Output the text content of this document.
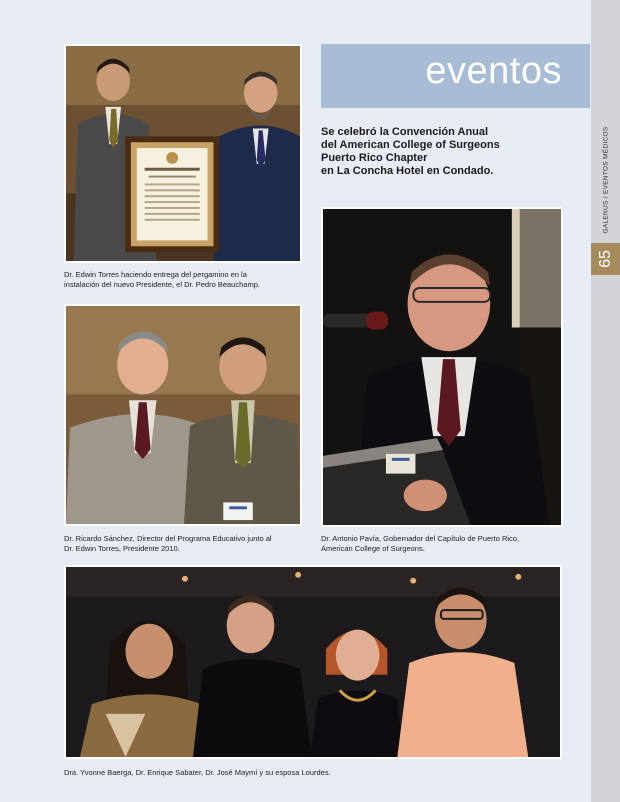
GALENUS / EVENTOS MÉDICOS
65
eventos
Se celebró la Convención Anual
del American College of Surgeons
Puerto Rico Chapter
en La Concha Hotel en Condado.
Dr. Edwin Torres haciendo entrega del pergamino en la
instalación del nuevo Presidente, el Dr. Pedro Beauchamp.
Dr. Ricardo Sánchez, Director del Programa Educativo junto al
Dr. Edwin Torres, Presidente 2010.
Dr. Antonio Pavía, Gobernador del Capítulo de Puerto Rico,
American College of Surgeons.
Dra. Yvonne Baerga, Dr. Enrique Sabater, Dr. José Maymí y su esposa Lourdes.
